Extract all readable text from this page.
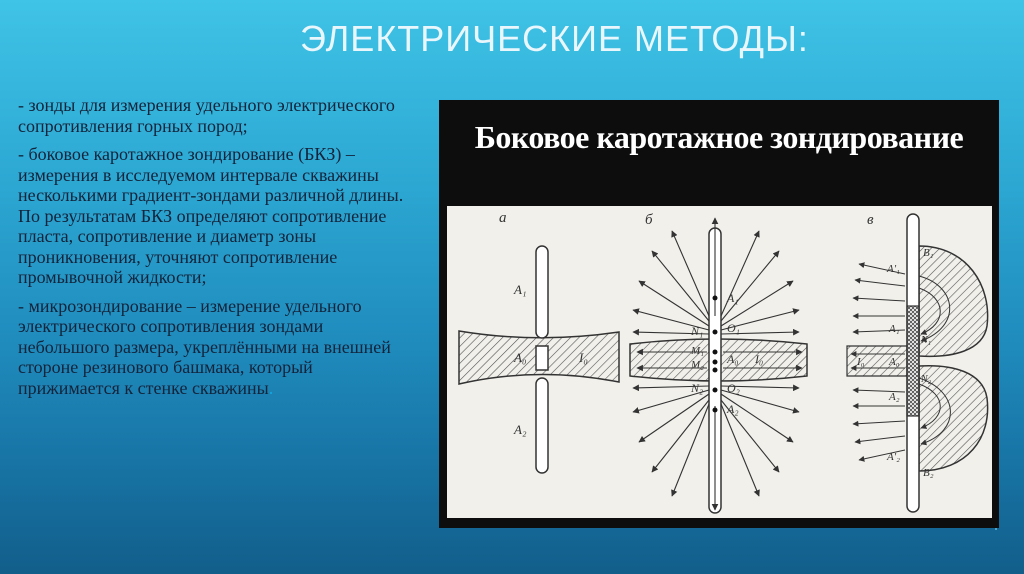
ЭЛЕКТРИЧЕСКИЕ МЕТОДЫ:

- зонды для измерения удельного электрического сопротивления горных пород;

- боковое каротажное зондирование (БКЗ) – измерения в исследуемом интервале скважины несколькими градиент-зондами различной длины. По результатам БКЗ определяют сопротивление пласта, сопротивление и диаметр зоны проникновения, уточняют сопротивление промывочной жидкости;

- микрозондирование – измерение удельного электрического сопротивления зондами небольшого размера, укреплёнными на внешней стороне резинового башмака, который прижимается к стенке скважины.

Боковое каротажное зондирование
а
A₁
A₀	I₀
A₂
б
A₁
N₁ O₁
M₁
A₀
M₂	I₀
N₂ O₂
A₂
в
A′₁
B₁
A₁
N₁
A₀
I₀
N₂
A₂
A′₂
B₂
